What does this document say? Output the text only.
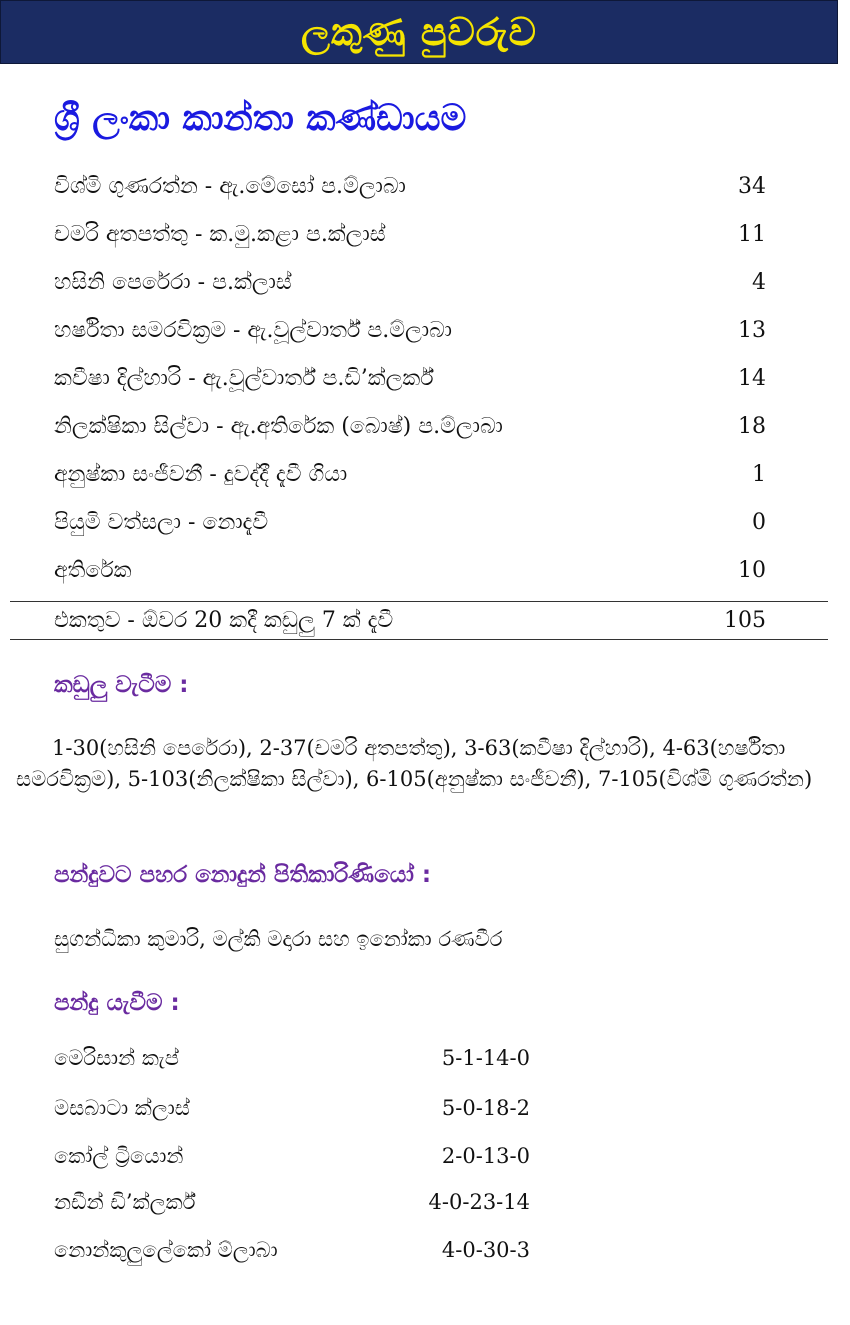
ලකුණු පුවරුව
ශ්‍රී ලංකා කාන්තා කණ්ඩායම
විශ්මි ගුණරත්න - ඇ.මේසෝ ප.ම්ලාබා	34
චමරි අතපත්තු - ක.මු.කළා ප.ක්ලාස්	11
හසිනි පෙරේරා - ප.ක්ලාස්	4
හර්ෂිතා සමරවික්‍රම - ඇ.වූල්වාර්ත් ප.ම්ලාබා	13
කවීෂා දිල්හාරි - ඇ.වූල්වාර්ත් ප.ඩි’ක්ලර්ක්	14
නිලක්ෂිකා සිල්වා - ඇ.අතිරේක (බොෂ්) ප.ම්ලාබා	18
අනුෂ්කා සංජීවනී - දුවද්දී දැවී ගියා	1
පියුමි වත්සලා - නොදැවී	0
අතිරේක	10
එකතුව - ඕවර 20 කදී කඩුලු 7 ක් දැවී	105
කඩුලු වැටීම :
1-30(හසිනි පෙරේරා), 2-37(චමරි අතපත්තු), 3-63(කවීෂා දිල්හාරි), 4-63(හර්ෂිතා සමරවික්‍රම), 5-103(නිලක්ෂිකා සිල්වා), 6-105(අනුෂ්කා සංජීවනී), 7-105(විශ්මි ගුණරත්න)
පන්දුවට පහර නොදුන් පිතිකාරිණියෝ :
සුගන්ධිකා කුමාරි, මල්කි මදාරා සහ ඉනෝකා රණවීර
පන්දු යැවීම :
මෙරිසාන් කැප්	5-1-14-0
මසබාටා ක්ලාස්	5-0-18-2
කෝල් ට්‍රියොන්	2-0-13-0
නඩීන් ඩි’ක්ලර්ක්	4-0-23-14
නොන්කුලුලේකෝ ම්ලාබා	4-0-30-3
